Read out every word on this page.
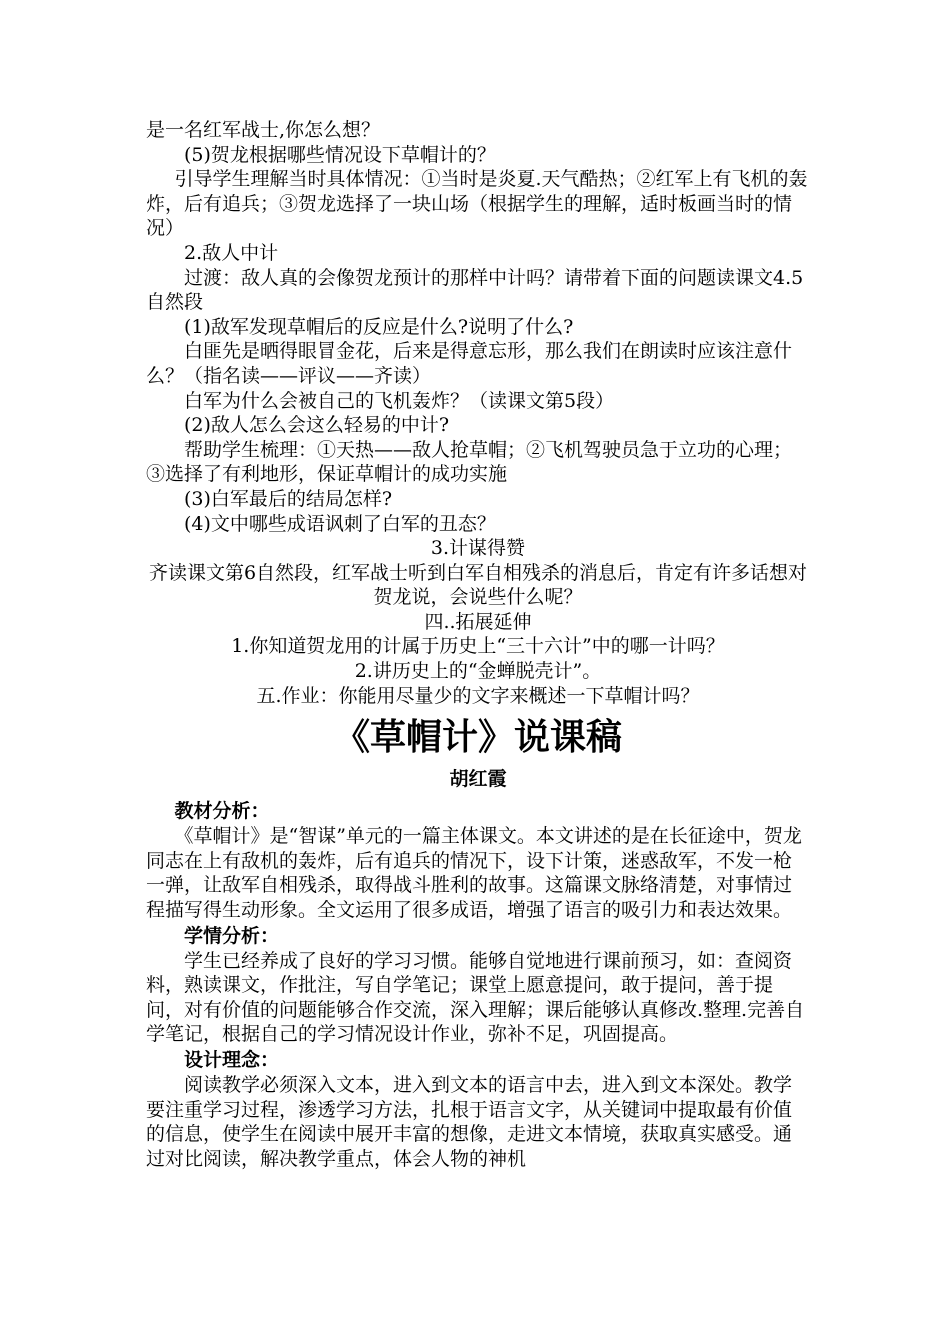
是一名红军战士,你怎么想？

(5)贺龙根据哪些情况设下草帽计的？

引导学生理解当时具体情况：①当时是炎夏.天气酷热；②红军上有飞机的轰炸，后有追兵；③贺龙选择了一块山场（根据学生的理解，适时板画当时的情况）

2.敌人中计

过渡：敌人真的会像贺龙预计的那样中计吗？请带着下面的问题读课文4.5自然段

(1)敌军发现草帽后的反应是什么?说明了什么?

白匪先是晒得眼冒金花，后来是得意忘形，那么我们在朗读时应该注意什么？（指名读——评议——齐读）

白军为什么会被自己的飞机轰炸？（读课文第5段）

(2)敌人怎么会这么轻易的中计?

帮助学生梳理：①天热——敌人抢草帽；②飞机驾驶员急于立功的心理；③选择了有利地形，保证草帽计的成功实施

(3)白军最后的结局怎样?

(4)文中哪些成语讽刺了白军的丑态？

3.计谋得赞

齐读课文第6自然段，红军战士听到白军自相残杀的消息后，肯定有许多话想对贺龙说，会说些什么呢？

四..拓展延伸

1.你知道贺龙用的计属于历史上“三十六计”中的哪一计吗？

2.讲历史上的“金蝉脱壳计”。

五.作业：你能用尽量少的文字来概述一下草帽计吗？

《草帽计》说课稿
胡红霞
教材分析：

《草帽计》是“智谋”单元的一篇主体课文。本文讲述的是在长征途中，贺龙同志在上有敌机的轰炸，后有追兵的情况下，设下计策，迷惑敌军，不发一枪一弹，让敌军自相残杀，取得战斗胜利的故事。这篇课文脉络清楚，对事情过程描写得生动形象。全文运用了很多成语，增强了语言的吸引力和表达效果。

学情分析：

学生已经养成了良好的学习习惯。能够自觉地进行课前预习，如：查阅资料，熟读课文，作批注，写自学笔记；课堂上愿意提问，敢于提问，善于提问，对有价值的问题能够合作交流，深入理解；课后能够认真修改.整理.完善自学笔记，根据自己的学习情况设计作业，弥补不足，巩固提高。

设计理念：

阅读教学必须深入文本，进入到文本的语言中去，进入到文本深处。教学要注重学习过程，渗透学习方法，扎根于语言文字，从关键词中提取最有价值的信息，使学生在阅读中展开丰富的想像，走进文本情境，获取真实感受。通过对比阅读，解决教学重点，体会人物的神机
